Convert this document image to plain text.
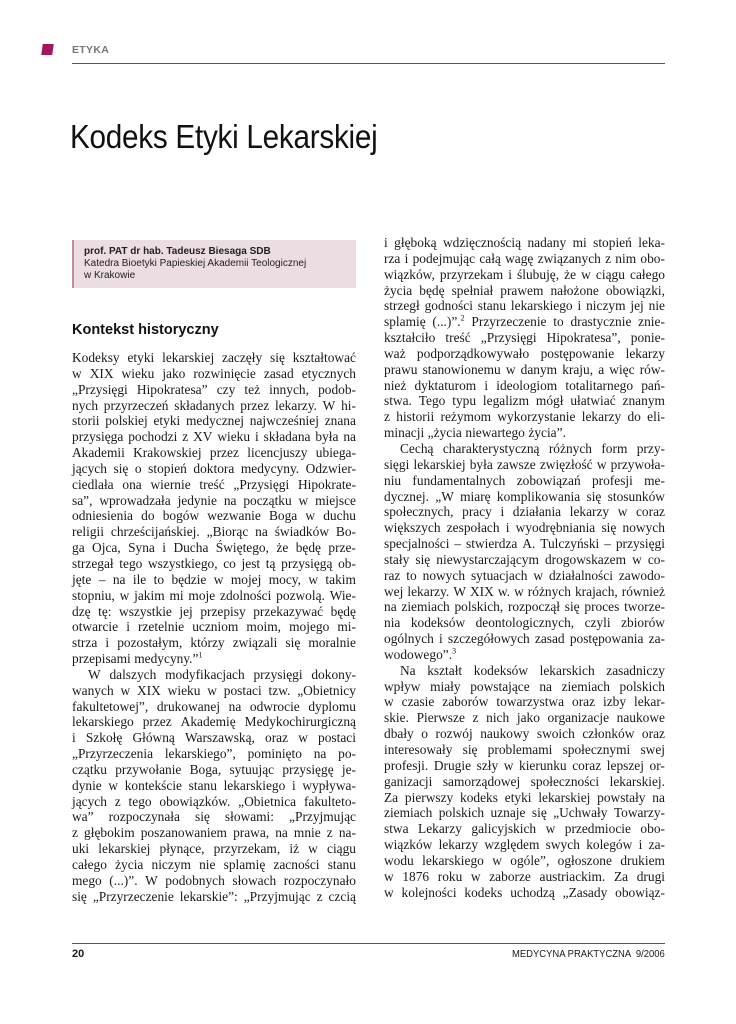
ETYKA
Kodeks Etyki Lekarskiej
prof. PAT dr hab. Tadeusz Biesaga SDB
Katedra Bioetyki Papieskiej Akademii Teologicznej
w Krakowie
Kontekst historyczny
Kodeksy etyki lekarskiej zaczęły się kształtować
w XIX wieku jako rozwinięcie zasad etycznych
„Przysięgi Hipokratesa” czy też innych, podob-
nych przyrzeczeń składanych przez lekarzy. W hi-
storii polskiej etyki medycznej najwcześniej znana
przysięga pochodzi z XV wieku i składana była na
Akademii Krakowskiej przez licencjuszy ubiega-
jących się o stopień doktora medycyny. Odzwier-
ciedlała ona wiernie treść „Przysięgi Hipokrate-
sa”, wprowadzała jedynie na początku w miejsce
odniesienia do bogów wezwanie Boga w duchu
religii chrześcijańskiej. „Biorąc na świadków Bo-
ga Ojca, Syna i Ducha Świętego, że będę prze-
strzegał tego wszystkiego, co jest tą przysięgą ob-
jęte – na ile to będzie w mojej mocy, w takim
stopniu, w jakim mi moje zdolności pozwolą. Wie-
dzę tę: wszystkie jej przepisy przekazywać będę
otwarcie i rzetelnie uczniom moim, mojego mi-
strza i pozostałym, którzy związali się moralnie
przepisami medycyny.”$^1$
W dalszych modyfikacjach przysięgi dokony-
wanych w XIX wieku w postaci tzw. „Obietnicy
fakultetowej”, drukowanej na odwrocie dyplomu
lekarskiego przez Akademię Medykochirurgiczną
i Szkołę Główną Warszawską, oraz w postaci
„Przyrzeczenia lekarskiego”, pominięto na po-
czątku przywołanie Boga, sytuując przysięgę je-
dynie w kontekście stanu lekarskiego i wypływa-
jących z tego obowiązków. „Obietnica fakulteto-
wa” rozpoczynała się słowami: „Przyjmując
z głębokim poszanowaniem prawa, na mnie z na-
uki lekarskiej płynące, przyrzekam, iż w ciągu
całego życia niczym nie splamię zacności stanu
mego (...)”. W podobnych słowach rozpoczynało
się „Przyrzeczenie lekarskie”: „Przyjmując z czcią
i głęboką wdzięcznością nadany mi stopień leka-
rza i podejmując całą wagę związanych z nim obo-
wiązków, przyrzekam i ślubuję, że w ciągu całego
życia będę spełniał prawem nałożone obowiązki,
strzegł godności stanu lekarskiego i niczym jej nie
splamię (...)”.$^2$ Przyrzeczenie to drastycznie znie-
kształciło treść „Przysięgi Hipokratesa”, ponie-
waż podporządkowywało postępowanie lekarzy
prawu stanowionemu w danym kraju, a więc rów-
nież dyktaturom i ideologiom totalitarnego pań-
stwa. Tego typu legalizm mógł ułatwiać znanym
z historii reżymom wykorzystanie lekarzy do eli-
minacji „życia niewartego życia”.
Cechą charakterystyczną różnych form przy-
sięgi lekarskiej była zawsze zwięzłość w przywoła-
niu fundamentalnych zobowiązań profesji me-
dycznej. „W miarę komplikowania się stosunków
społecznych, pracy i działania lekarzy w coraz
większych zespołach i wyodrębniania się nowych
specjalności – stwierdza A. Tulczyński – przysięgi
stały się niewystarczającym drogowskazem w co-
raz to nowych sytuacjach w działalności zawodo-
wej lekarzy. W XIX w. w różnych krajach, również
na ziemiach polskich, rozpoczął się proces tworze-
nia kodeksów deontologicznych, czyli zbiorów
ogólnych i szczegółowych zasad postępowania za-
wodowego”.$^3$
Na kształt kodeksów lekarskich zasadniczy
wpływ miały powstające na ziemiach polskich
w czasie zaborów towarzystwa oraz izby lekar-
skie. Pierwsze z nich jako organizacje naukowe
dbały o rozwój naukowy swoich członków oraz
interesowały się problemami społecznymi swej
profesji. Drugie szły w kierunku coraz lepszej or-
ganizacji samorządowej społeczności lekarskiej.
Za pierwszy kodeks etyki lekarskiej powstały na
ziemiach polskich uznaje się „Uchwały Towarzy-
stwa Lekarzy galicyjskich w przedmiocie obo-
wiązków lekarzy względem swych kolegów i za-
wodu lekarskiego w ogóle”, ogłoszone drukiem
w 1876 roku w zaborze austriackim. Za drugi
w kolejności kodeks uchodzą „Zasady obowiąz-
20	MEDYCYNA PRAKTYCZNA  9/2006
